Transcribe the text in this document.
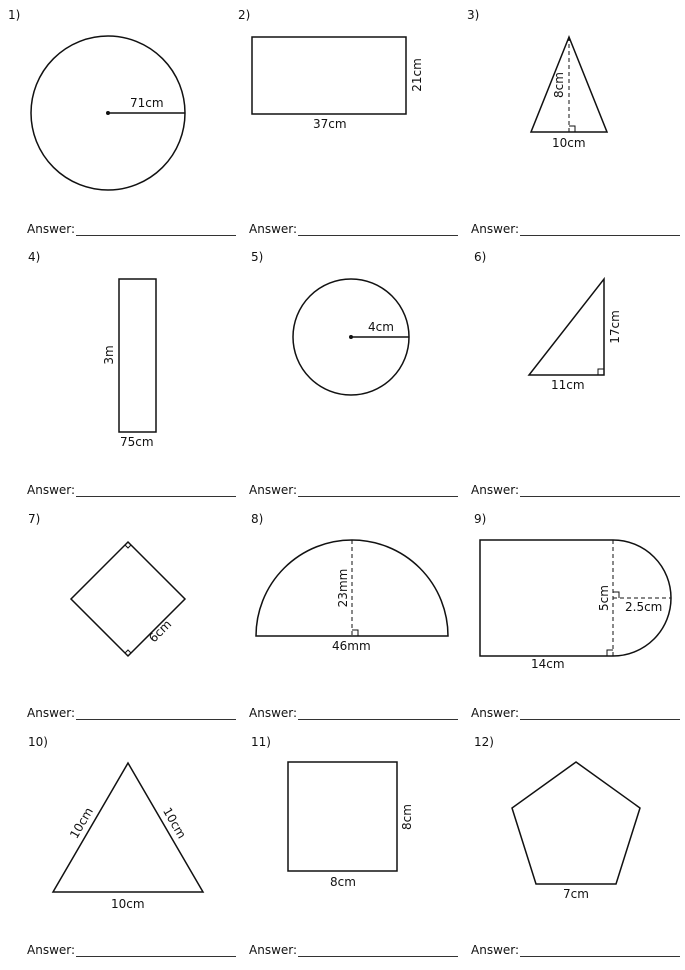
1)	2)	3)
4)	5)	6)
7)	8)	9)
10)	11)	12)
71cm
37cm
21cm	8cm
10cm
3m
75cm
4cm	17cm
11cm
6cm
23mm
46mm
5cm 2.5cm
14cm
10cm	10cm
10cm
8cm
8cm
7cm
Answer:	Answer:	Answer:
Answer:	Answer:	Answer:
Answer:	Answer:	Answer:
Answer:	Answer:	Answer:
